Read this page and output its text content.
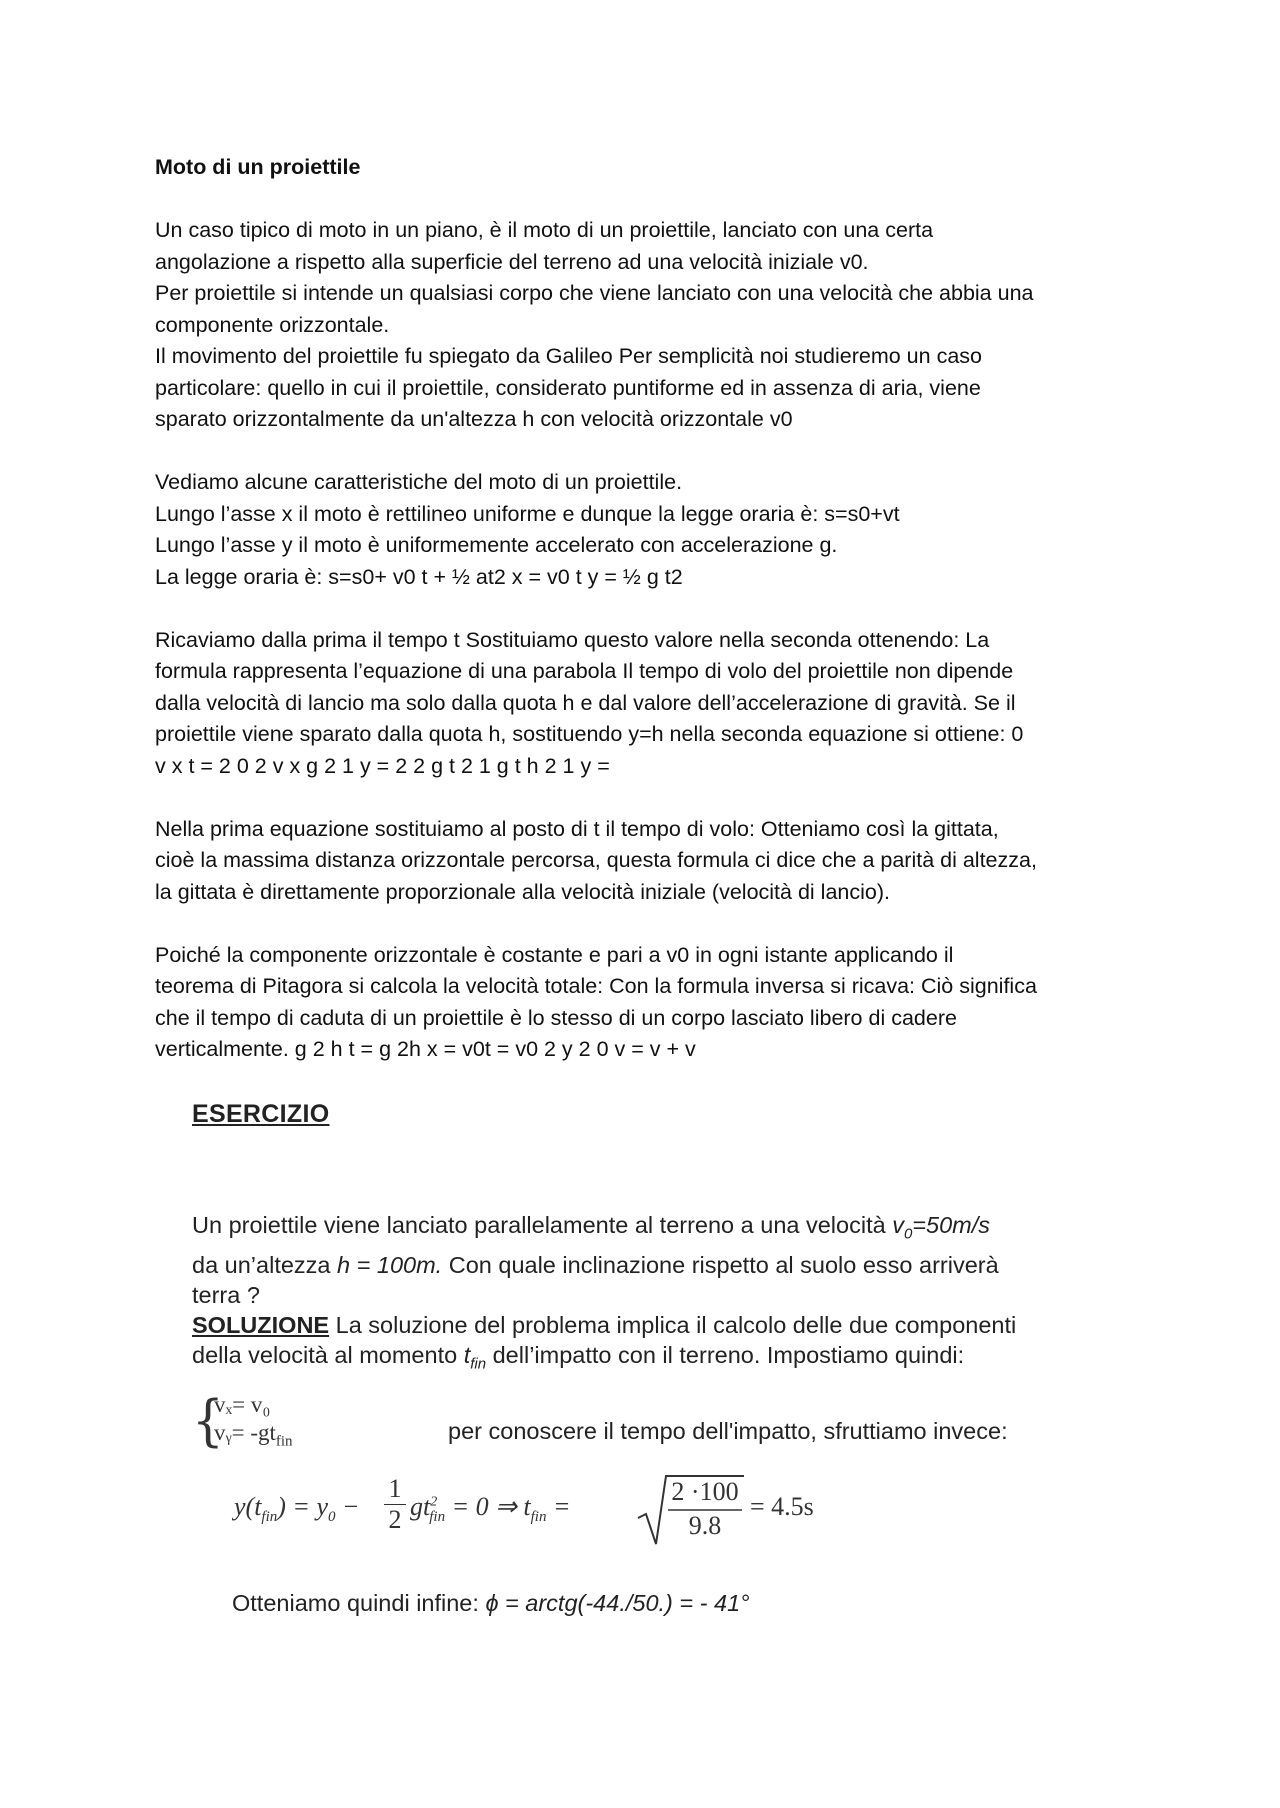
Moto di un proiettile

Un caso tipico di moto in un piano, è il moto di un proiettile, lanciato con una certa
angolazione a rispetto alla superficie del terreno ad una velocità iniziale v0.
Per proiettile si intende un qualsiasi corpo che viene lanciato con una velocità che abbia una
componente orizzontale.
Il movimento del proiettile fu spiegato da Galileo Per semplicità noi studieremo un caso
particolare: quello in cui il proiettile, considerato puntiforme ed in assenza di aria, viene
sparato orizzontalmente da un'altezza h con velocità orizzontale v0

Vediamo alcune caratteristiche del moto di un proiettile.
Lungo l’asse x il moto è rettilineo uniforme e dunque la legge oraria è: s=s0+vt
Lungo l’asse y il moto è uniformemente accelerato con accelerazione g.
La legge oraria è: s=s0+ v0 t + ½ at2 x = v0 t y = ½ g t2

Ricaviamo dalla prima il tempo t Sostituiamo questo valore nella seconda ottenendo: La
formula rappresenta l’equazione di una parabola Il tempo di volo del proiettile non dipende
dalla velocità di lancio ma solo dalla quota h e dal valore dell’accelerazione di gravità. Se il
proiettile viene sparato dalla quota h, sostituendo y=h nella seconda equazione si ottiene: 0
v x t = 2 0 2 v x g 2 1 y = 2 2 g t 2 1 g t h 2 1 y =

Nella prima equazione sostituiamo al posto di t il tempo di volo: Otteniamo così la gittata,
cioè la massima distanza orizzontale percorsa, questa formula ci dice che a parità di altezza,
la gittata è direttamente proporzionale alla velocità iniziale (velocità di lancio).

Poiché la componente orizzontale è costante e pari a v0 in ogni istante applicando il
teorema di Pitagora si calcola la velocità totale: Con la formula inversa si ricava: Ciò significa
che il tempo di caduta di un proiettile è lo stesso di un corpo lasciato libero di cadere
verticalmente. g 2 h t = g 2h x = v0t = v0 2 y 2 0 v = v + v

ESERCIZIO
Un proiettile viene lanciato parallelamente al terreno a una velocità $v_0=50m/s$
da un’altezza h = 100m. Con quale inclinazione rispetto al suolo esso arriverà
terra ?
SOLUZIONE La soluzione del problema implica il calcolo delle due componenti
della velocità al momento $t_{fin}$ dell’impatto con il terreno. Impostiamo quindi:
{
vₓ= v₀
vᵧ= $-gt_{fin}$	per conoscere il tempo dell'impatto, sfruttiamo invece:
$y(t_{fin}) = y_0$ −
1
2 $gt^2_{fin} = 0$ ⇒ $t_{fin}$ =
2 ·100
9.8
= 4.5s
Otteniamo quindi infine: ϕ = arctg(-44./50.) = - 41°
